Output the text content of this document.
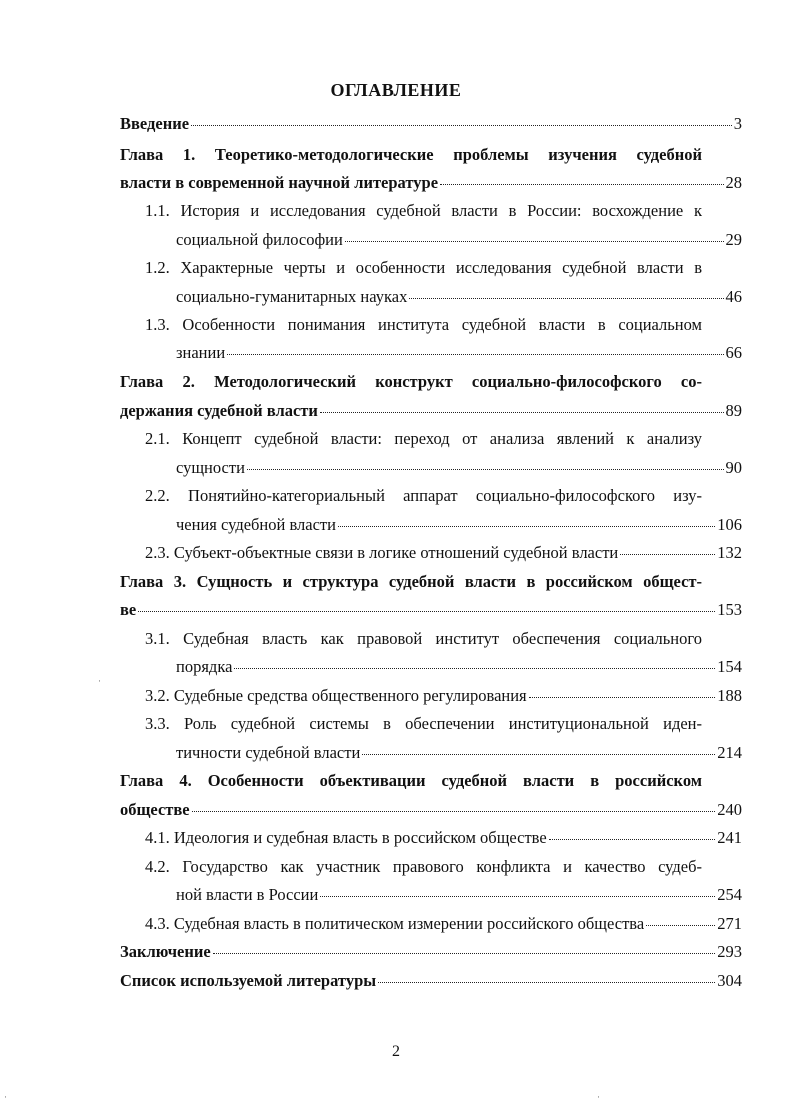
ОГЛАВЛЕНИЕ
Введение	3
Глава 1. Теоретико-методологические проблемы изучения судебной
власти в современной научной литературе	28
1.1. История и исследования судебной власти в России: восхождение к
социальной философии	29
1.2. Характерные черты и особенности исследования судебной власти в
социально-гуманитарных науках	46
1.3. Особенности понимания института судебной власти в социальном
знании	66
Глава 2. Методологический конструкт социально-философского со-
держания судебной власти	89
2.1. Концепт судебной власти: переход от анализа явлений к анализу
сущности	90
2.2. Понятийно-категориальный аппарат социально-философского изу-
чения судебной власти	106
2.3. Субъект-объектные связи в логике отношений судебной власти	132
Глава 3. Сущность и структура судебной власти в российском общест-
ве	153
3.1. Судебная власть как правовой институт обеспечения социального
порядка	154
3.2. Судебные средства общественного регулирования	188
3.3. Роль судебной системы в обеспечении институциональной иден-
тичности судебной власти	214
Глава 4. Особенности объективации судебной власти в российском
обществе	240
4.1. Идеология и судебная власть в российском обществе	241
4.2. Государство как участник правового конфликта и качество судеб-
ной власти в России	254
4.3. Судебная власть в политическом измерении российского общества	271
Заключение	293
Список используемой литературы	304
2
·
·	·
